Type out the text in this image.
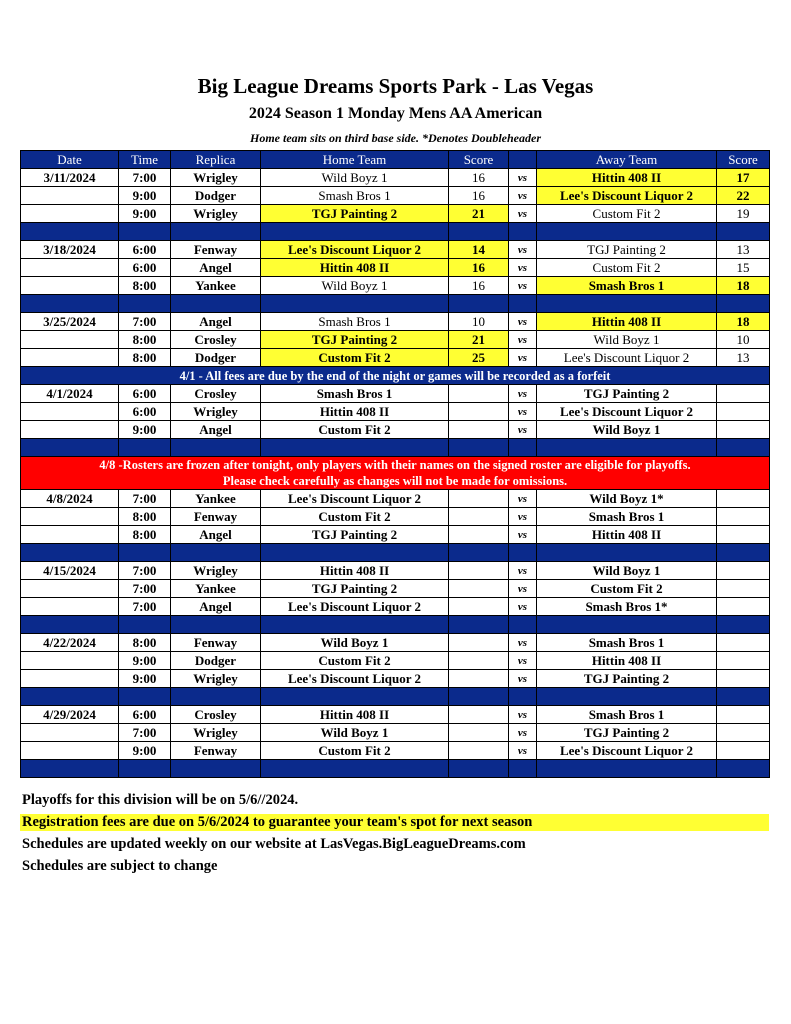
Big League Dreams Sports Park - Las Vegas
2024 Season 1 Monday Mens AA American
Home team sits on third base side. *Denotes Doubleheader
Date	Time	Replica	Home Team	Score		Away Team	Score
3/11/2024	7:00	Wrigley	Wild Boyz 1	16	vs	Hittin 408 II	17
	9:00	Dodger	Smash Bros 1	16	vs	Lee's Discount Liquor 2	22
	9:00	Wrigley	TGJ Painting 2	21	vs	Custom Fit 2	19

3/18/2024	6:00	Fenway	Lee's Discount Liquor 2	14	vs	TGJ Painting 2	13
	6:00	Angel	Hittin 408 II	16	vs	Custom Fit 2	15
	8:00	Yankee	Wild Boyz 1	16	vs	Smash Bros 1	18

3/25/2024	7:00	Angel	Smash Bros 1	10	vs	Hittin 408 II	18
	8:00	Crosley	TGJ Painting 2	21	vs	Wild Boyz 1	10
	8:00	Dodger	Custom Fit 2	25	vs	Lee's Discount Liquor 2	13
4/1 - All fees are due by the end of the night or games will be recorded as a forfeit							
4/1/2024	6:00	Crosley	Smash Bros 1		vs	TGJ Painting 2	
	6:00	Wrigley	Hittin 408 II		vs	Lee's Discount Liquor 2	
	9:00	Angel	Custom Fit 2		vs	Wild Boyz 1	

4/8 -Rosters are frozen after tonight, only players with their names on the signed roster are eligible for playoffs.
Please check carefully as changes will not be made for omissions.							

4/8/2024	7:00	Yankee	Lee's Discount Liquor 2		vs	Wild Boyz 1*	
	8:00	Fenway	Custom Fit 2		vs	Smash Bros 1	
	8:00	Angel	TGJ Painting 2		vs	Hittin 408 II	

4/15/2024	7:00	Wrigley	Hittin 408 II		vs	Wild Boyz 1	
	7:00	Yankee	TGJ Painting 2		vs	Custom Fit 2	
	7:00	Angel	Lee's Discount Liquor 2		vs	Smash Bros 1*	

4/22/2024	8:00	Fenway	Wild Boyz 1		vs	Smash Bros 1	
	9:00	Dodger	Custom Fit 2		vs	Hittin 408 II	
	9:00	Wrigley	Lee's Discount Liquor 2		vs	TGJ Painting 2	

4/29/2024	6:00	Crosley	Hittin 408 II		vs	Smash Bros 1	
	7:00	Wrigley	Wild Boyz 1		vs	TGJ Painting 2	
	9:00	Fenway	Custom Fit 2		vs	Lee's Discount Liquor 2	

Playoffs for this division will be on 5/6//2024.
Registration fees are due on 5/6/2024 to guarantee your team's spot for next season
Schedules are updated weekly on our website at LasVegas.BigLeagueDreams.com
Schedules are subject to change
